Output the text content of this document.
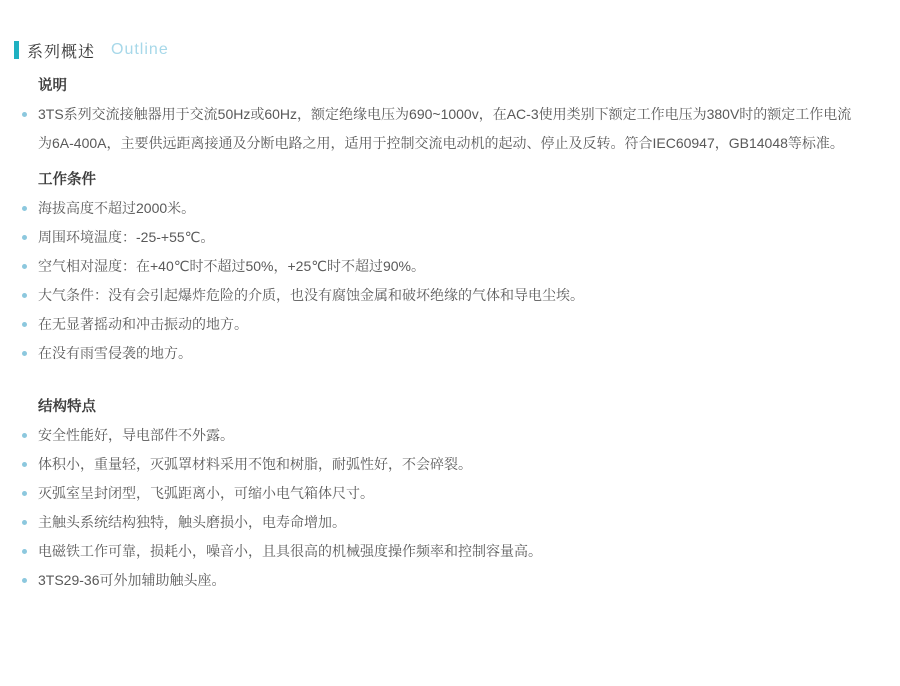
系列概述 Outline
说明
3TS系列交流接触器用于交流50Hz或60Hz，额定绝缘电压为690~1000v，在AC-3使用类别下额定工作电压为380V时的额定工作电流为6A-400A，主要供远距离接通及分断电路之用，适用于控制交流电动机的起动、停止及反转。符合IEC60947，GB14048等标准。
工作条件
海拔高度不超过2000米。
周围环境温度：-25-+55℃。
空气相对湿度：在+40℃时不超过50%，+25℃时不超过90%。
大气条件：没有会引起爆炸危险的介质，也没有腐蚀金属和破坏绝缘的气体和导电尘埃。
在无显著摇动和冲击振动的地方。
在没有雨雪侵袭的地方。
结构特点
安全性能好，导电部件不外露。
体积小，重量轻，灭弧罩材料采用不饱和树脂，耐弧性好，不会碎裂。
灭弧室呈封闭型，飞弧距离小，可缩小电气箱体尺寸。
主触头系统结构独特，触头磨损小，电寿命增加。
电磁铁工作可靠，损耗小，噪音小，且具很高的机械强度操作频率和控制容量高。
3TS29-36可外加辅助触头座。
